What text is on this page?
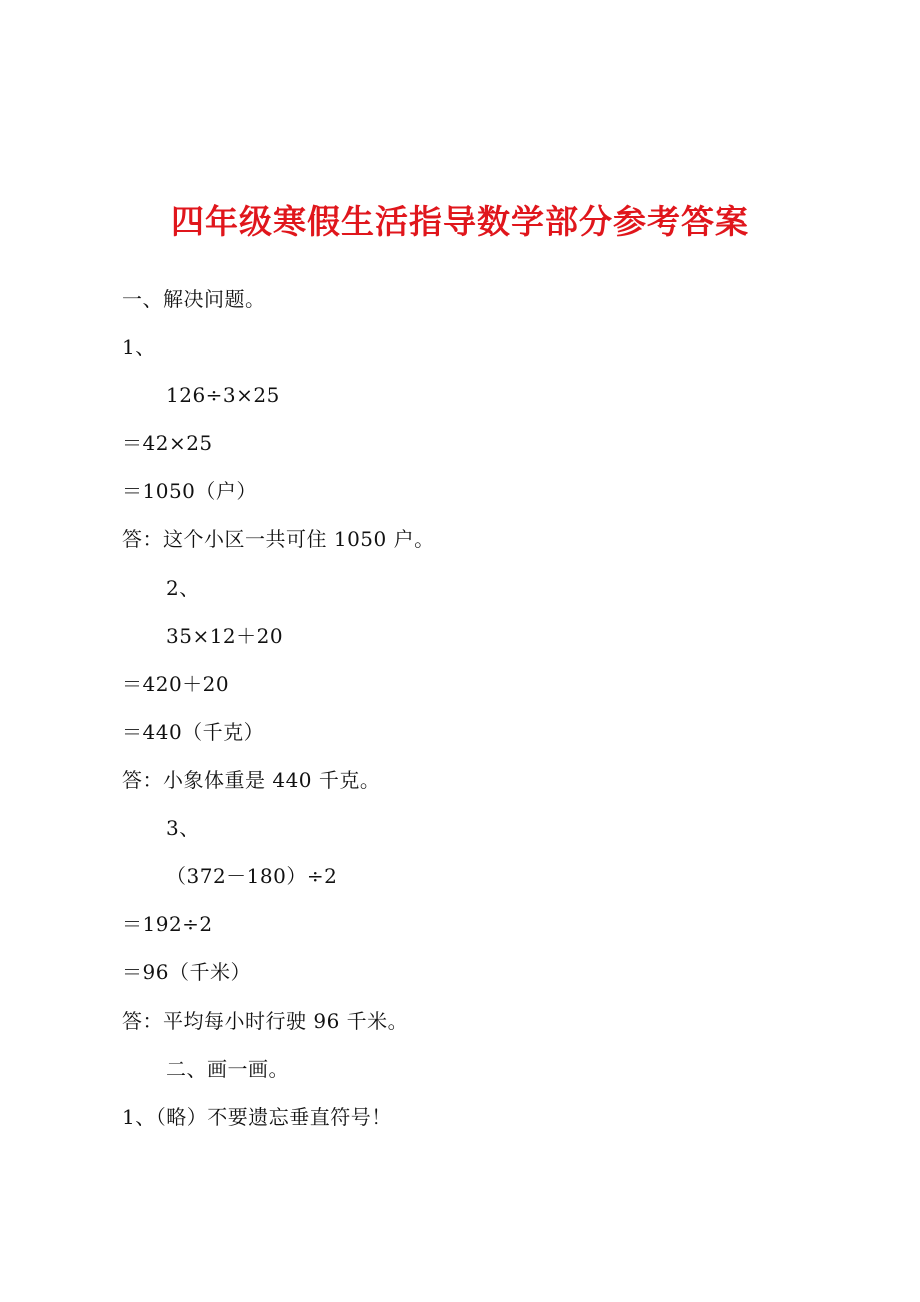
四年级寒假生活指导数学部分参考答案
一、解决问题。
1、
126÷3×25
＝42×25
＝1050（户）
答：这个小区一共可住 1050 户。
2、
35×12＋20
＝420＋20
＝440（千克）
答：小象体重是 440 千克。
3、
（372－180）÷2
＝192÷2
＝96（千米）
答：平均每小时行驶 96 千米。
二、画一画。
1、（略）不要遗忘垂直符号！
